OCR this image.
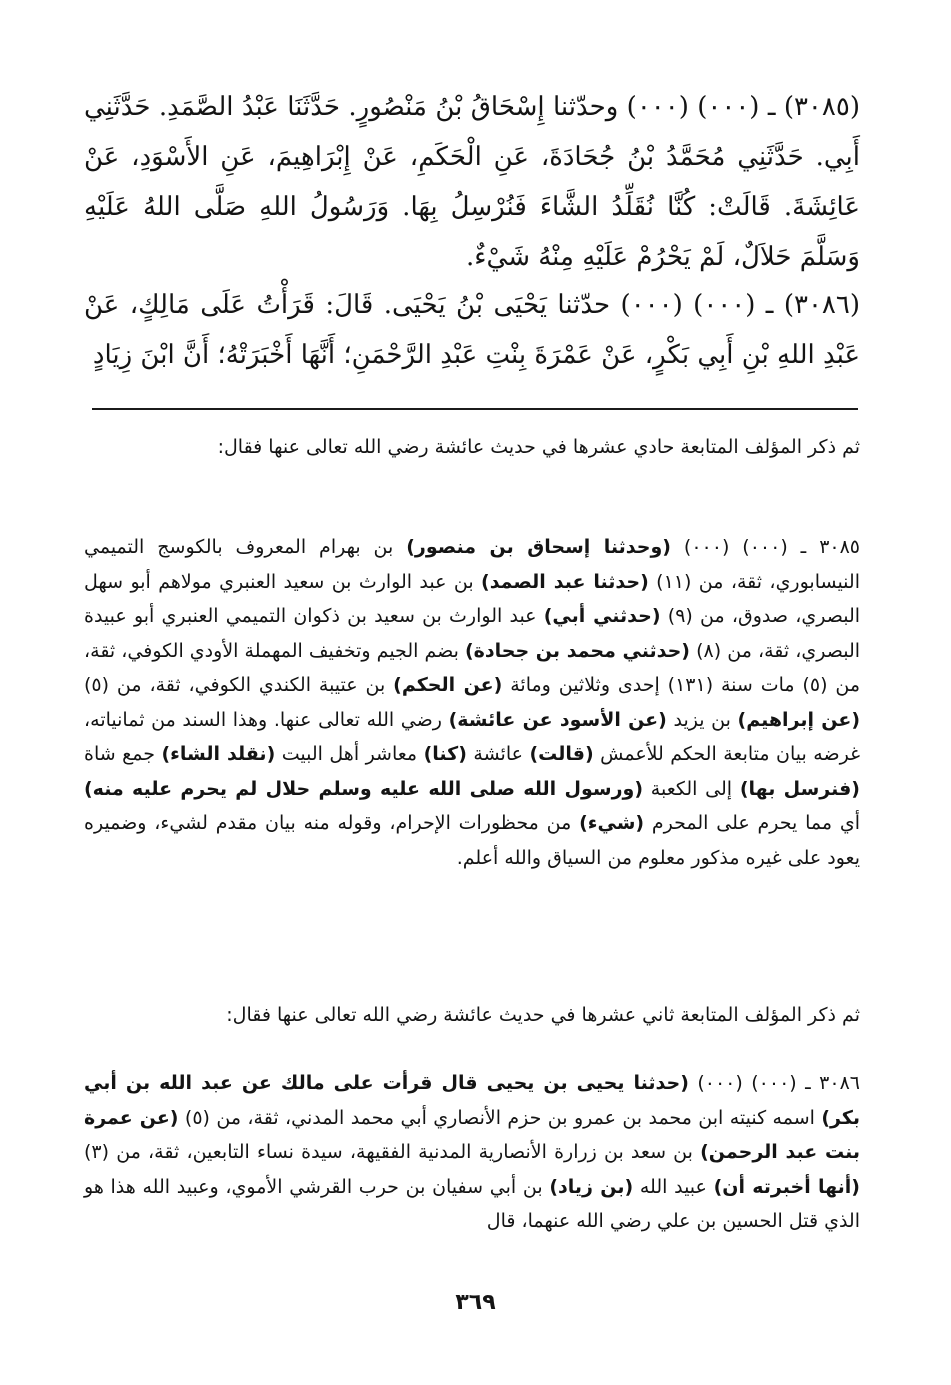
(٣٠٨٥) ـ (٠٠٠) (٠٠٠) وحدّثنا إِسْحَاقُ بْنُ مَنْصُورٍ. حَدَّثَنَا عَبْدُ الصَّمَدِ. حَدَّثَنِي أَبِي. حَدَّثَنِي مُحَمَّدُ بْنُ جُحَادَةَ، عَنِ الْحَكَمِ، عَنْ إِبْرَاهِيمَ، عَنِ الأَسْوَدِ، عَنْ عَائِشَةَ. قَالَتْ: كُنَّا نُقَلِّدُ الشَّاءَ فَنُرْسِلُ بِهَا. وَرَسُولُ اللهِ صَلَّى اللهُ عَلَيْهِ وَسَلَّمَ حَلاَلٌ، لَمْ يَحْرُمْ عَلَيْهِ مِنْهُ شَيْءٌ.

(٣٠٨٦) ـ (٠٠٠) (٠٠٠) حدّثنا يَحْيَى بْنُ يَحْيَى. قَالَ: قَرَأْتُ عَلَى مَالِكٍ، عَنْ عَبْدِ اللهِ بْنِ أَبِي بَكْرٍ، عَنْ عَمْرَةَ بِنْتِ عَبْدِ الرَّحْمَنِ؛ أَنَّهَا أَخْبَرَتْهُ؛ أَنَّ ابْنَ زِيَادٍ

ثم ذكر المؤلف المتابعة حادي عشرها في حديث عائشة رضي الله تعالى عنها فقال:

٣٠٨٥ ـ (٠٠٠) (٠٠٠) (وحدثنا إسحاق بن منصور) بن بهرام المعروف بالكوسج التميمي النيسابوري، ثقة، من (١١) (حدثنا عبد الصمد) بن عبد الوارث بن سعيد العنبري مولاهم أبو سهل البصري، صدوق، من (٩) (حدثني أبي) عبد الوارث بن سعيد بن ذكوان التميمي العنبري أبو عبيدة البصري، ثقة، من (٨) (حدثني محمد بن جحادة) بضم الجيم وتخفيف المهملة الأودي الكوفي، ثقة، من (٥) مات سنة (١٣١) إحدى وثلاثين ومائة (عن الحكم) بن عتيبة الكندي الكوفي، ثقة، من (٥) (عن إبراهيم) بن يزيد (عن الأسود عن عائشة) رضي الله تعالى عنها. وهذا السند من ثمانياته، غرضه بيان متابعة الحكم للأعمش (قالت) عائشة (كنا) معاشر أهل البيت (نقلد الشاء) جمع شاة (فنرسل بها) إلى الكعبة (ورسول الله صلى الله عليه وسلم حلال لم يحرم عليه منه) أي مما يحرم على المحرم (شيء) من محظورات الإحرام، وقوله منه بيان مقدم لشيء، وضميره يعود على غيره مذكور معلوم من السياق والله أعلم.

ثم ذكر المؤلف المتابعة ثاني عشرها في حديث عائشة رضي الله تعالى عنها فقال:

٣٠٨٦ ـ (٠٠٠) (٠٠٠) (حدثنا يحيى بن يحيى قال قرأت على مالك عن عبد الله بن أبي بكر) اسمه كنيته ابن محمد بن عمرو بن حزم الأنصاري أبي محمد المدني، ثقة، من (٥) (عن عمرة بنت عبد الرحمن) بن سعد بن زرارة الأنصارية المدنية الفقيهة، سيدة نساء التابعين، ثقة، من (٣) (أنها أخبرته أن) عبيد الله (بن زياد) بن أبي سفيان بن حرب القرشي الأموي، وعبيد الله هذا هو الذي قتل الحسين بن علي رضي الله عنهما، قال

٣٦٩
